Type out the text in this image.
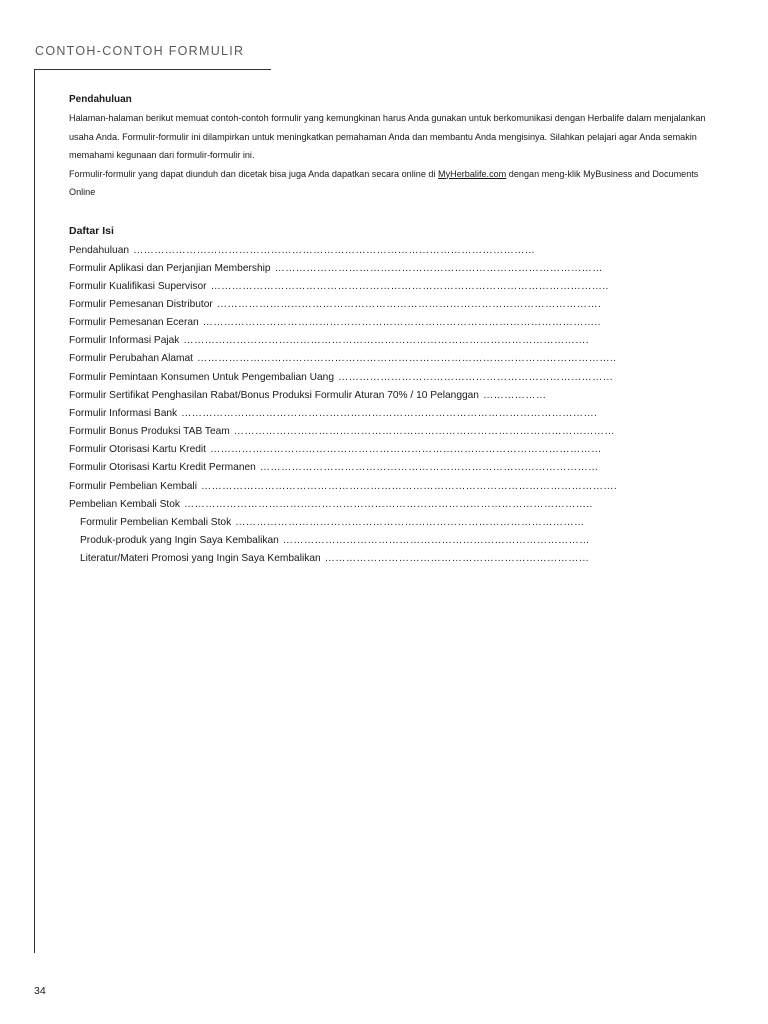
CONTOH-CONTOH FORMULIR
Pendahuluan

Halaman-halaman berikut memuat contoh-contoh formulir yang kemungkinan harus Anda gunakan untuk berkomunikasi dengan Herbalife dalam menjalankan usaha Anda. Formulir-formulir ini dilampirkan untuk meningkatkan pemahaman Anda dan membantu Anda mengisinya. Silahkan pelajari agar Anda semakin memahami kegunaan dari formulir-formulir ini.

Formulir-formulir yang dapat diunduh dan dicetak bisa juga Anda dapatkan secara online di MyHerbalife.com dengan meng-klik MyBusiness and Documents Online

Daftar Isi
Pendahuluan ……………………………………………………………………………………………………
Formulir Aplikasi dan Perjanjian Membership …………………………………………………………………………………
Formulir Kualifikasi Supervisor …………………………………………………………………………………………………..
Formulir Pemesanan Distributor ……………………………………………………………………………………………….
Formulir Pemesanan Eceran …………………………………………………………………………………………………..
Formulir Informasi Pajak …………………………………………………………………………………………………….
Formulir Perubahan Alamat ………………………………………………………………………………………………………..
Formulir Pemintaan Konsumen Untuk Pengembalian Uang ……………………………………………………………………
Formulir Sertifikat Penghasilan Rabat/Bonus Produksi Formulir Aturan 70% / 10 Pelanggan ………………
Formulir Informasi Bank ……………………………………………………………………………………………………….
Formulir Bonus Produksi TAB Team ………………………………………………………………………………………………
Formulir Otorisasi Kartu Kredit …………………………………………………………………………………………………
Formulir Otorisasi Kartu Kredit Permanen ……………………………………………………………………………………
Formulir Pembelian Kembali ……………………………………………………………………………………………………….
Pembelian Kembali Stok ……………………………………………………………………………………………………..
Formulir Pembelian Kembali Stok ………………………………………………………………………………………
Produk-produk yang Ingin Saya Kembalikan ……………………………………………………………………………
Literatur/Materi Promosi yang Ingin Saya Kembalikan …………………………………………………………………

34
